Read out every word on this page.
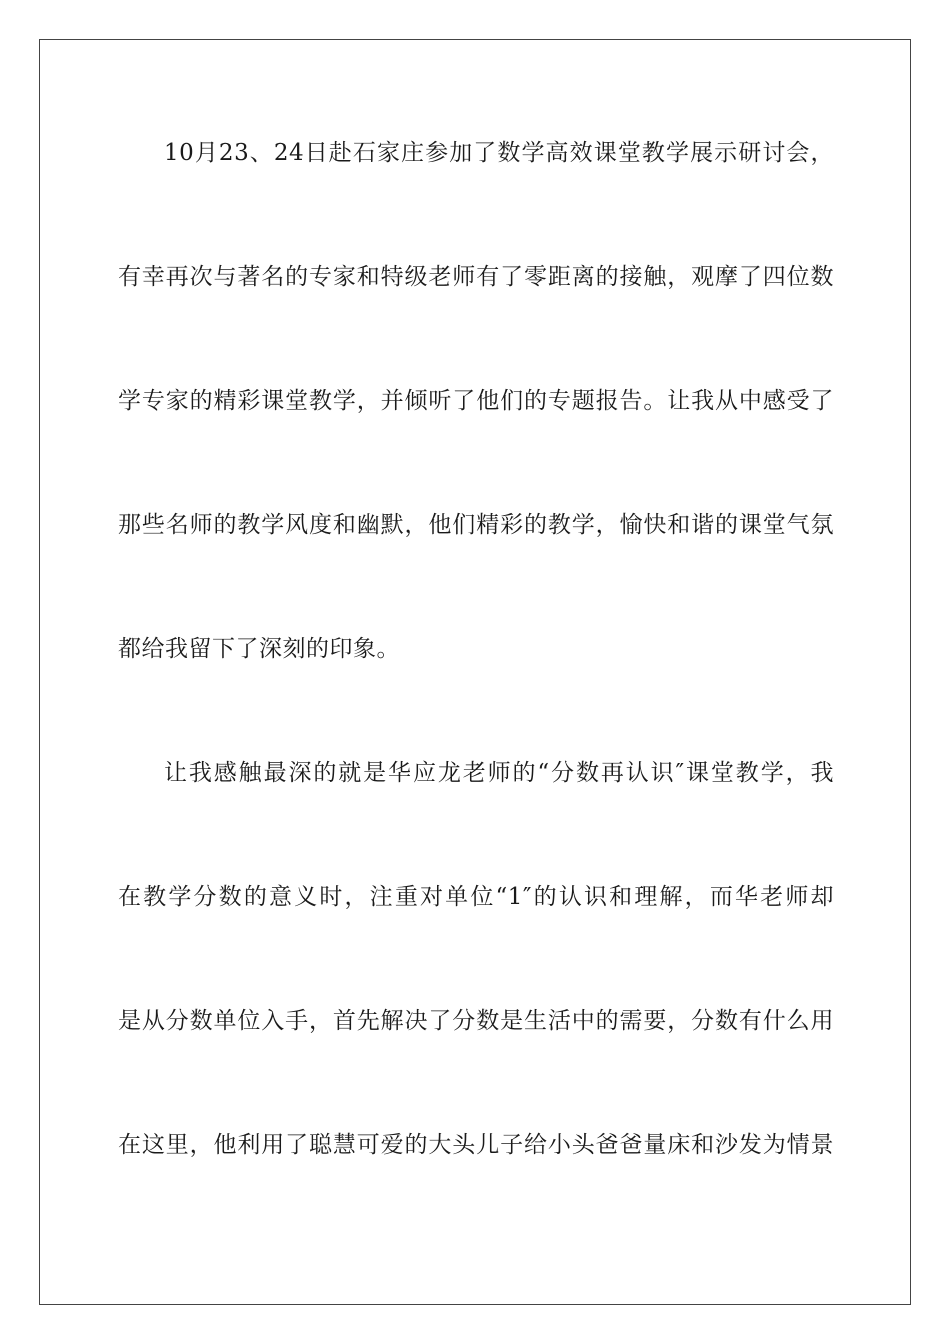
10月23、24日赴石家庄参加了数学高效课堂教学展示研讨会，
有幸再次与著名的专家和特级老师有了零距离的接触，观摩了四位数
学专家的精彩课堂教学，并倾听了他们的专题报告。让我从中感受了
那些名师的教学风度和幽默，他们精彩的教学，愉快和谐的课堂气氛
都给我留下了深刻的印象。
让我感触最深的就是华应龙老师的“分数再认识″课堂教学，我
在教学分数的意义时，注重对单位“1″的认识和理解，而华老师却
是从分数单位入手，首先解决了分数是生活中的需要，分数有什么用
在这里，他利用了聪慧可爱的大头儿子给小头爸爸量床和沙发为情景
